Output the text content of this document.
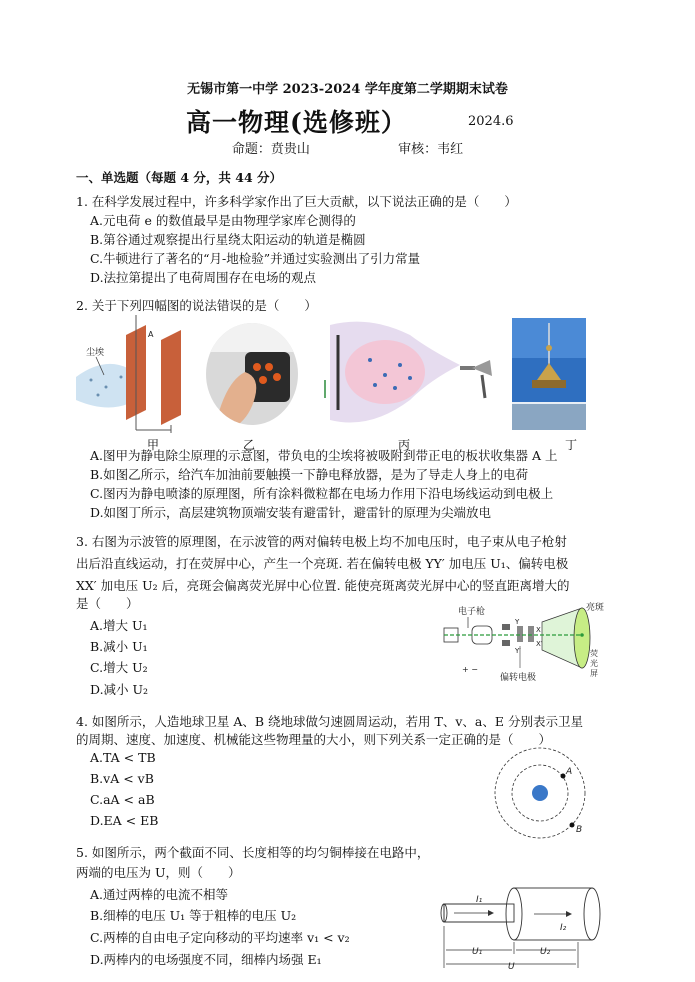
无锡市第一中学 2023-2024 学年度第二学期期末试卷
高一物理(选修班）	2024.6
命题：贲贵山	审核：韦红
一、单选题（每题 4 分，共 44 分）
1. 在科学发展过程中，许多科学家作出了巨大贡献，以下说法正确的是（　　）
A.元电荷 e 的数值最早是由物理学家库仑测得的
B.第谷通过观察提出行星绕太阳运动的轨道是椭圆
C.牛顿进行了著名的“月-地检验”并通过实验测出了引力常量
D.法拉第提出了电荷周围存在电场的观点
2. 关于下列四幅图的说法错误的是（　　）
尘埃
A
甲	乙	丙	丁
A.图甲为静电除尘原理的示意图，带负电的尘埃将被吸附到带正电的板状收集器 A 上
B.如图乙所示，给汽车加油前要触摸一下静电释放器，是为了导走人身上的电荷
C.图丙为静电喷漆的原理图，所有涂料微粒都在电场力作用下沿电场线运动到电极上
D.如图丁所示，高层建筑物顶端安装有避雷针，避雷针的原理为尖端放电
3. 右图为示波管的原理图，在示波管的两对偏转电极上均不加电压时，电子束从电子枪射
出后沿直线运动，打在荧屏中心，产生一个亮斑. 若在偏转电极 YY′ 加电压 U₁、偏转电极
XX′ 加电压 U₂ 后，亮斑会偏离荧光屏中心位置. 能使亮斑离荧光屏中心的竖直距离增大的
是（　　）
A.增大 U₁
B.减小 U₁
C.增大 U₂
D.减小 U₂
电子枪	亮斑
Y
Y′
X
X′
荧
光
屏
+ −
偏转电极
4. 如图所示，人造地球卫星 A、B 绕地球做匀速圆周运动，若用 T、v、a、E 分别表示卫星
的周期、速度、加速度、机械能这些物理量的大小，则下列关系一定正确的是（　　）
A.TA < TB
B.vA < vB
C.aA < aB
D.EA < EB
A
B
5. 如图所示，两个截面不同、长度相等的均匀铜棒接在电路中，
两端的电压为 U，则（　　）
A.通过两棒的电流不相等
B.细棒的电压 U₁ 等于粗棒的电压 U₂
C.两棒的自由电子定向移动的平均速率 v₁ < v₂
D.两棒内的电场强度不同，细棒内场强 E₁
I₁
I₂
U₁	U₂
U
